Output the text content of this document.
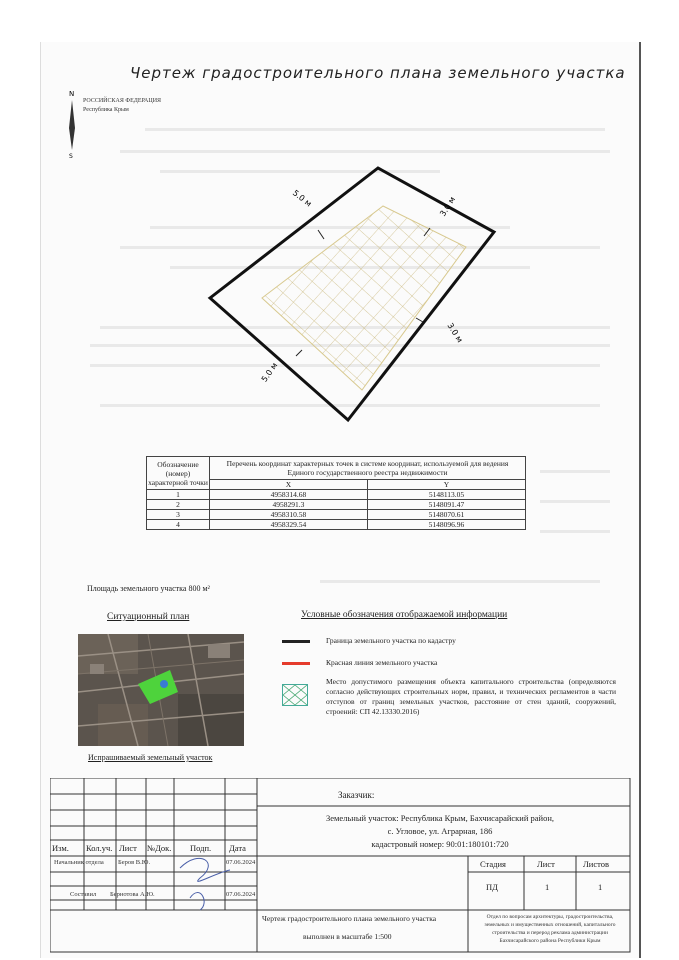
Чертеж градостроительного плана земельного участка
N
S
РОССИЙСКАЯ ФЕДЕРАЦИЯ
Республика Крым
5.0 м	3.0 м
3.0 м
5.0 м
Обозначение (номер) характерной точки	Перечень координат характерных точек в системе координат, используемой для ведения Единого государственного реестра недвижимости	
	X	Y
1	4958314.68	5148113.05
2	4958291.3	5148091.47
3	4958310.58	5148070.61
4	4958329.54	5148096.96
Площадь земельного участка 800 м²
Ситуационный план	Условные обозначения отображаемой информации
Испрашиваемый земельный участок
Граница земельного участка по кадастру
Красная линия земельного участка
Место допустимого размещения объекта капитального строительства (определяются согласно действующих строительных норм, правил, и технических регламентов в части отступов от границ земельных участков, расстояние от стен зданий, сооружений, строений: СП 42.13330.2016)
Заказчик:
Земельный участок: Республика Крым, Бахчисарайский район,
с. Угловое, ул. Аграрная, 186
кадастровый номер: 90:01:180101:720
Изм. Кол.уч. Лист №Док. Подп. Дата
Начальник отдела Беров В.Ю.	07.06.2024
Составил Бернотова А.Ю.	07.06.2024
Стадия	Лист	Листов
ПД	1	1
Чертеж градостроительного плана земельного участка
выполнен в масштабе 1:500
Отдел по вопросам архитектуры, градостроительства,
земельных и имущественных отношений, капитального
строительства и перерод реклама администрации
Бахчисарайского района Республики Крым
